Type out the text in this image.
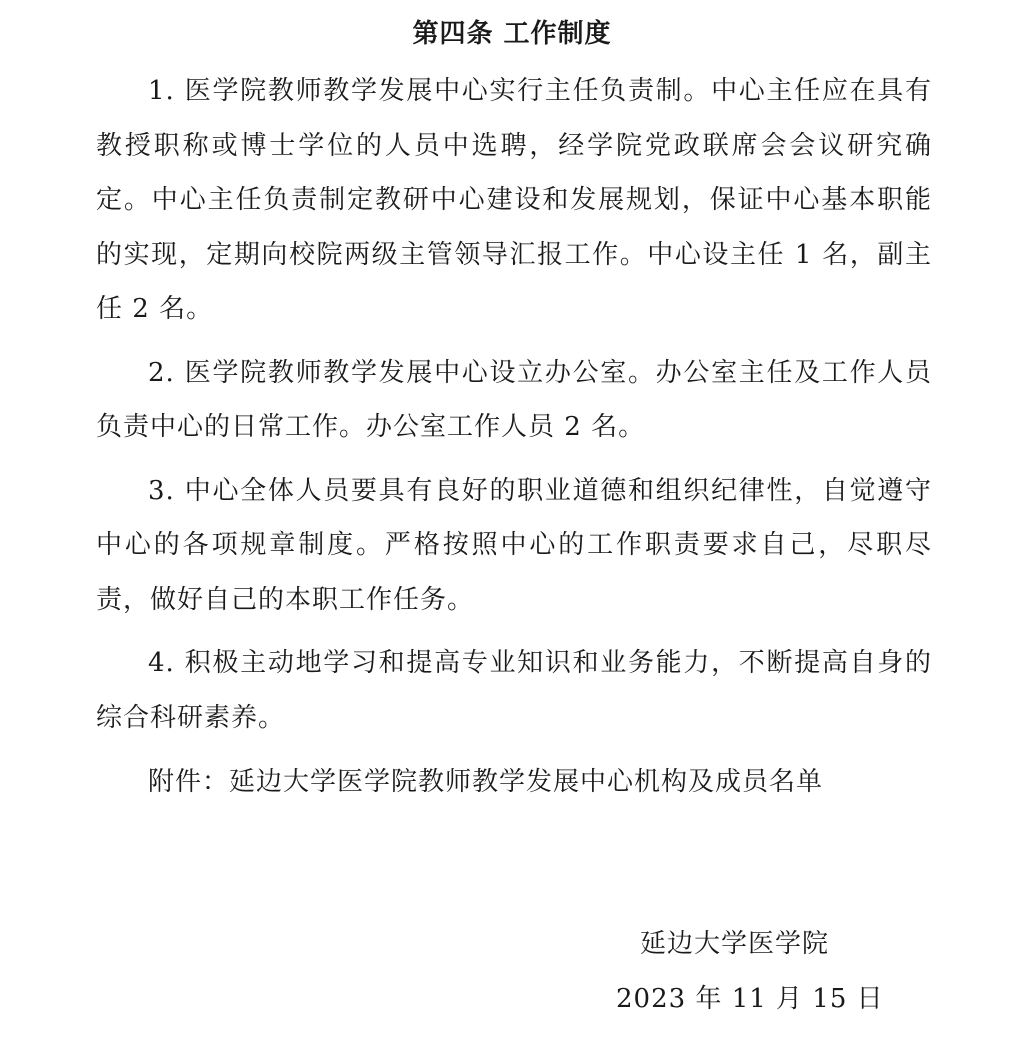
第四条 工作制度

1. 医学院教师教学发展中心实行主任负责制。中心主任应在具有教授职称或博士学位的人员中选聘，经学院党政联席会会议研究确定。中心主任负责制定教研中心建设和发展规划，保证中心基本职能的实现，定期向校院两级主管领导汇报工作。中心设主任 1 名，副主任 2 名。

2. 医学院教师教学发展中心设立办公室。办公室主任及工作人员负责中心的日常工作。办公室工作人员 2 名。

3. 中心全体人员要具有良好的职业道德和组织纪律性，自觉遵守中心的各项规章制度。严格按照中心的工作职责要求自己，尽职尽责，做好自己的本职工作任务。

4. 积极主动地学习和提高专业知识和业务能力，不断提高自身的综合科研素养。

附件：延边大学医学院教师教学发展中心机构及成员名单
延边大学医学院
2023 年 11 月 15 日
